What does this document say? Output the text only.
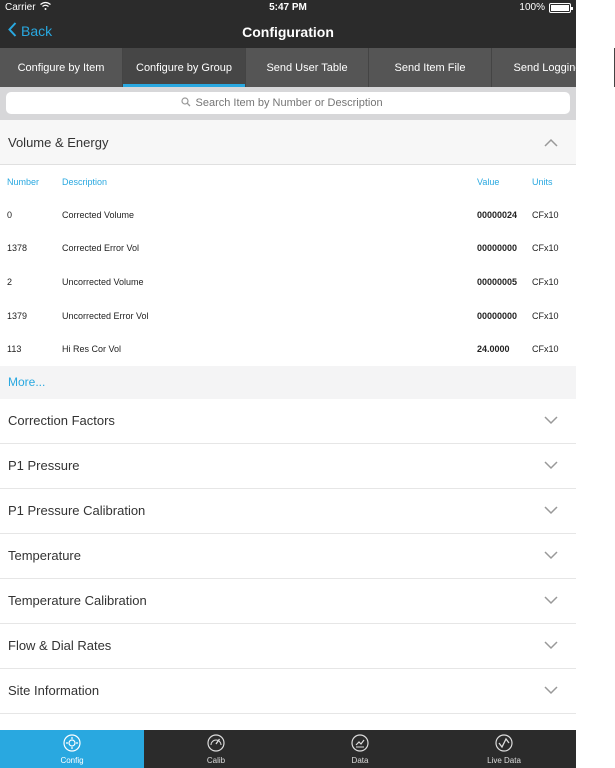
Carrier	5:47 PM	100%
Back	Configuration
Configure by Item	Configure by Group	Send User Table	Send Item File	Send Logging C
Search Item by Number or Description
Volume & Energy
Number	Description	Value	Units
0	Corrected Volume	00000024	CFx10
1378	Corrected Error Vol	00000000	CFx10
2	Uncorrected Volume	00000005	CFx10
1379	Uncorrected Error Vol	00000000	CFx10
113	Hi Res Cor Vol	24.0000	CFx10
More...
Correction Factors
P1 Pressure
P1 Pressure Calibration
Temperature
Temperature Calibration
Flow & Dial Rates
Site Information
Config	Calib	Data	Live Data
